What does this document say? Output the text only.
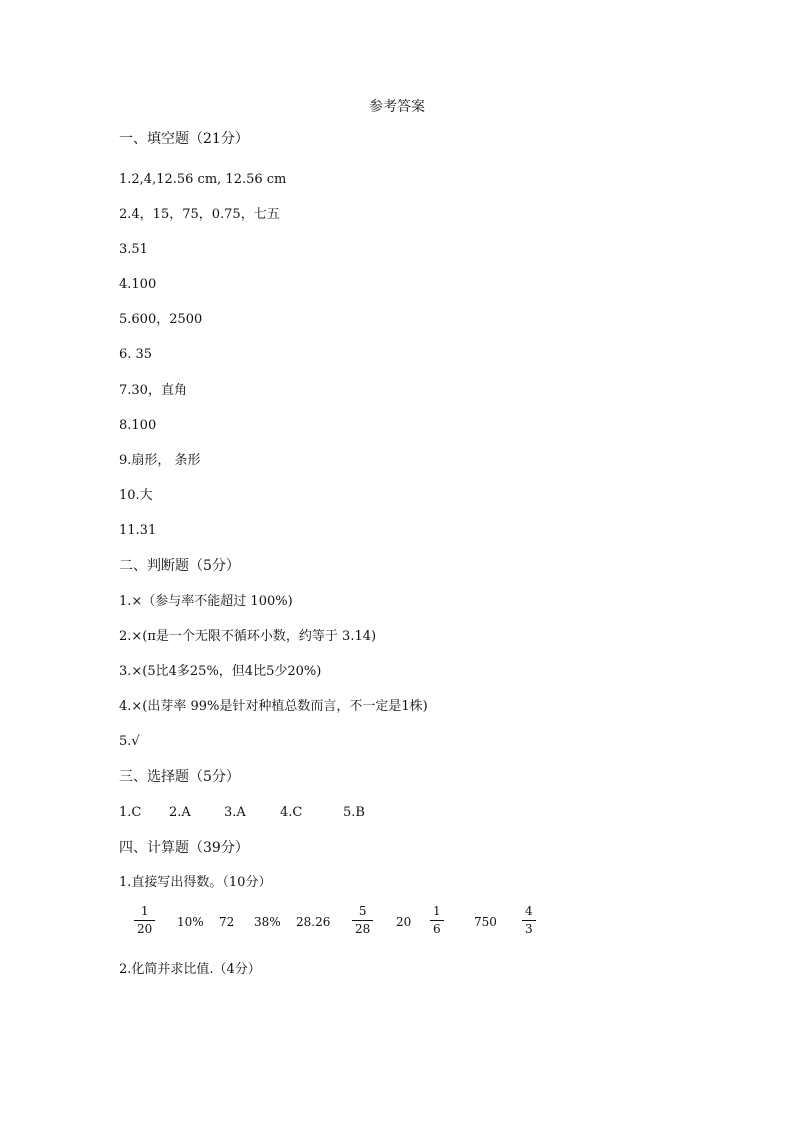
参考答案
一、填空题（21分）
1.2,4,12.56 cm, 12.56 cm
2.4，15，75，0.75，七五
3.51
4.100
5.600，2500
6. 35
7.30，直角
8.100
9.扇形， 条形
10.大
11.31
二、判断题（5分）
1.×（参与率不能超过 100%)
2.×(π是一个无限不循环小数，约等于 3.14)
3.×(5比4多25%，但4比5少20%)
4.×(出芽率 99%是针对种植总数而言，不一定是1株)
5.√
三、选择题（5分）
1.C 2.A	3.A	4.C	5.B
四、计算题（39分）
1.直接写出得数。（10分）
$\frac{1}{20} 10\%$ 72 38% $28.26 \frac{5}{28} 20 \frac{1}{6}$	$750 \frac{4}{3}$
2.化简并求比值.（4分）
